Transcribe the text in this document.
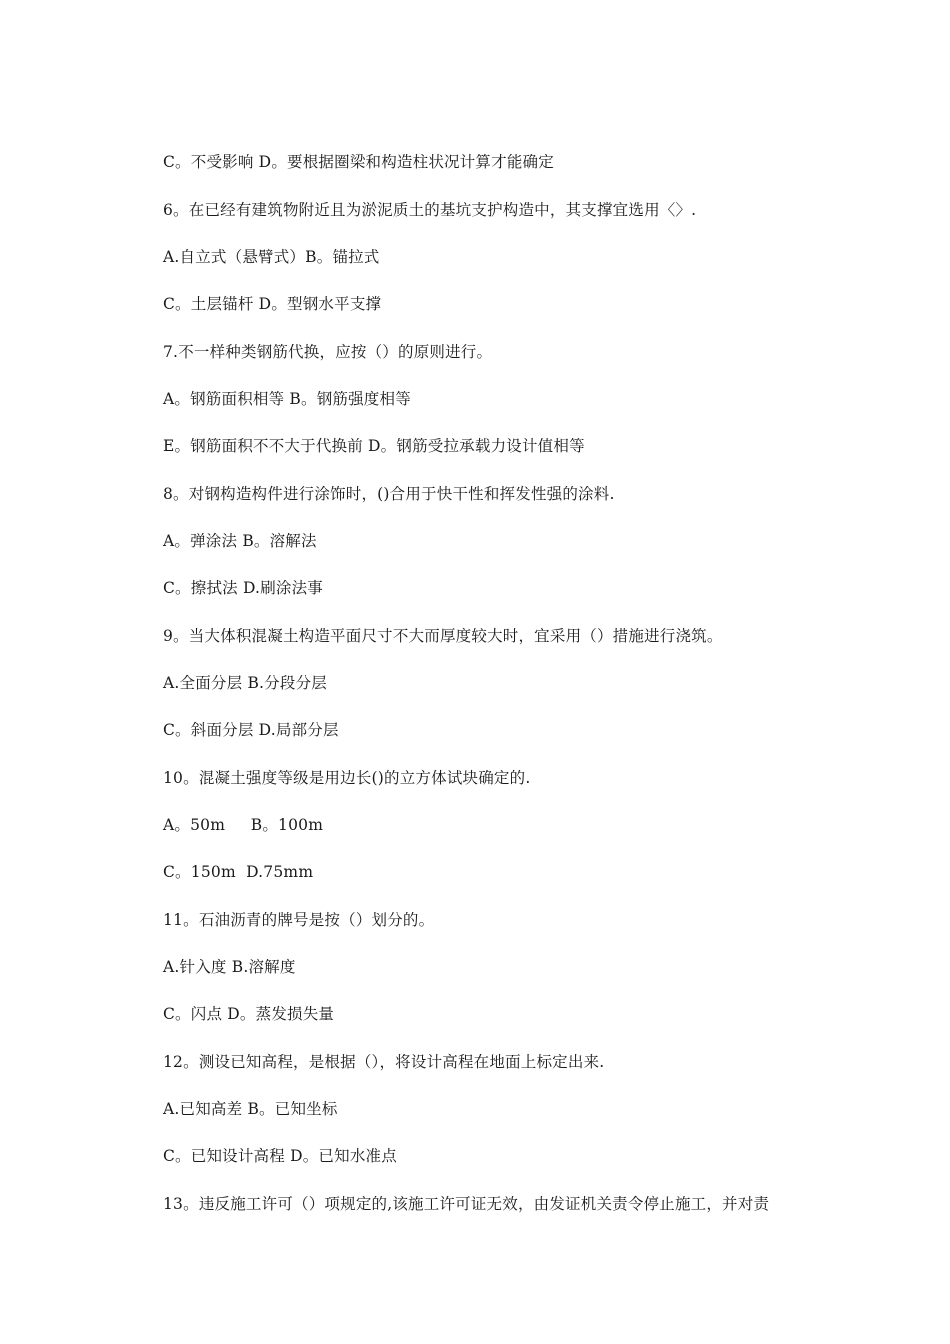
C。不受影响 D。要根据圈梁和构造柱状况计算才能确定
6。在已经有建筑物附近且为淤泥质土的基坑支护构造中，其支撑宜选用〈〉.
A.自立式（悬臂式）B。锚拉式
C。土层锚杆 D。型钢水平支撑
7.不一样种类钢筋代换，应按（）的原则进行。
A。钢筋面积相等 B。钢筋强度相等
E。钢筋面积不不大于代换前 D。钢筋受拉承载力设计值相等
8。对钢构造构件进行涂饰时，()合用于快干性和挥发性强的涂料.
A。弹涂法 B。溶解法
C。擦拭法 D.刷涂法事
9。当大体积混凝土构造平面尺寸不大而厚度较大时，宜采用（）措施进行浇筑。
A.全面分层 B.分段分层
C。斜面分层 D.局部分层
10。混凝土强度等级是用边长()的立方体试块确定的.
A。50m     B。100m
C。150m  D.75mm
11。石油沥青的牌号是按（）划分的。
A.针入度 B.溶解度
C。闪点 D。蒸发损失量
12。测设已知高程，是根据（），将设计高程在地面上标定出来.
A.已知高差 B。已知坐标
C。已知设计高程 D。已知水准点
13。违反施工许可（）项规定的,该施工许可证无效，由发证机关责令停止施工，并对责
